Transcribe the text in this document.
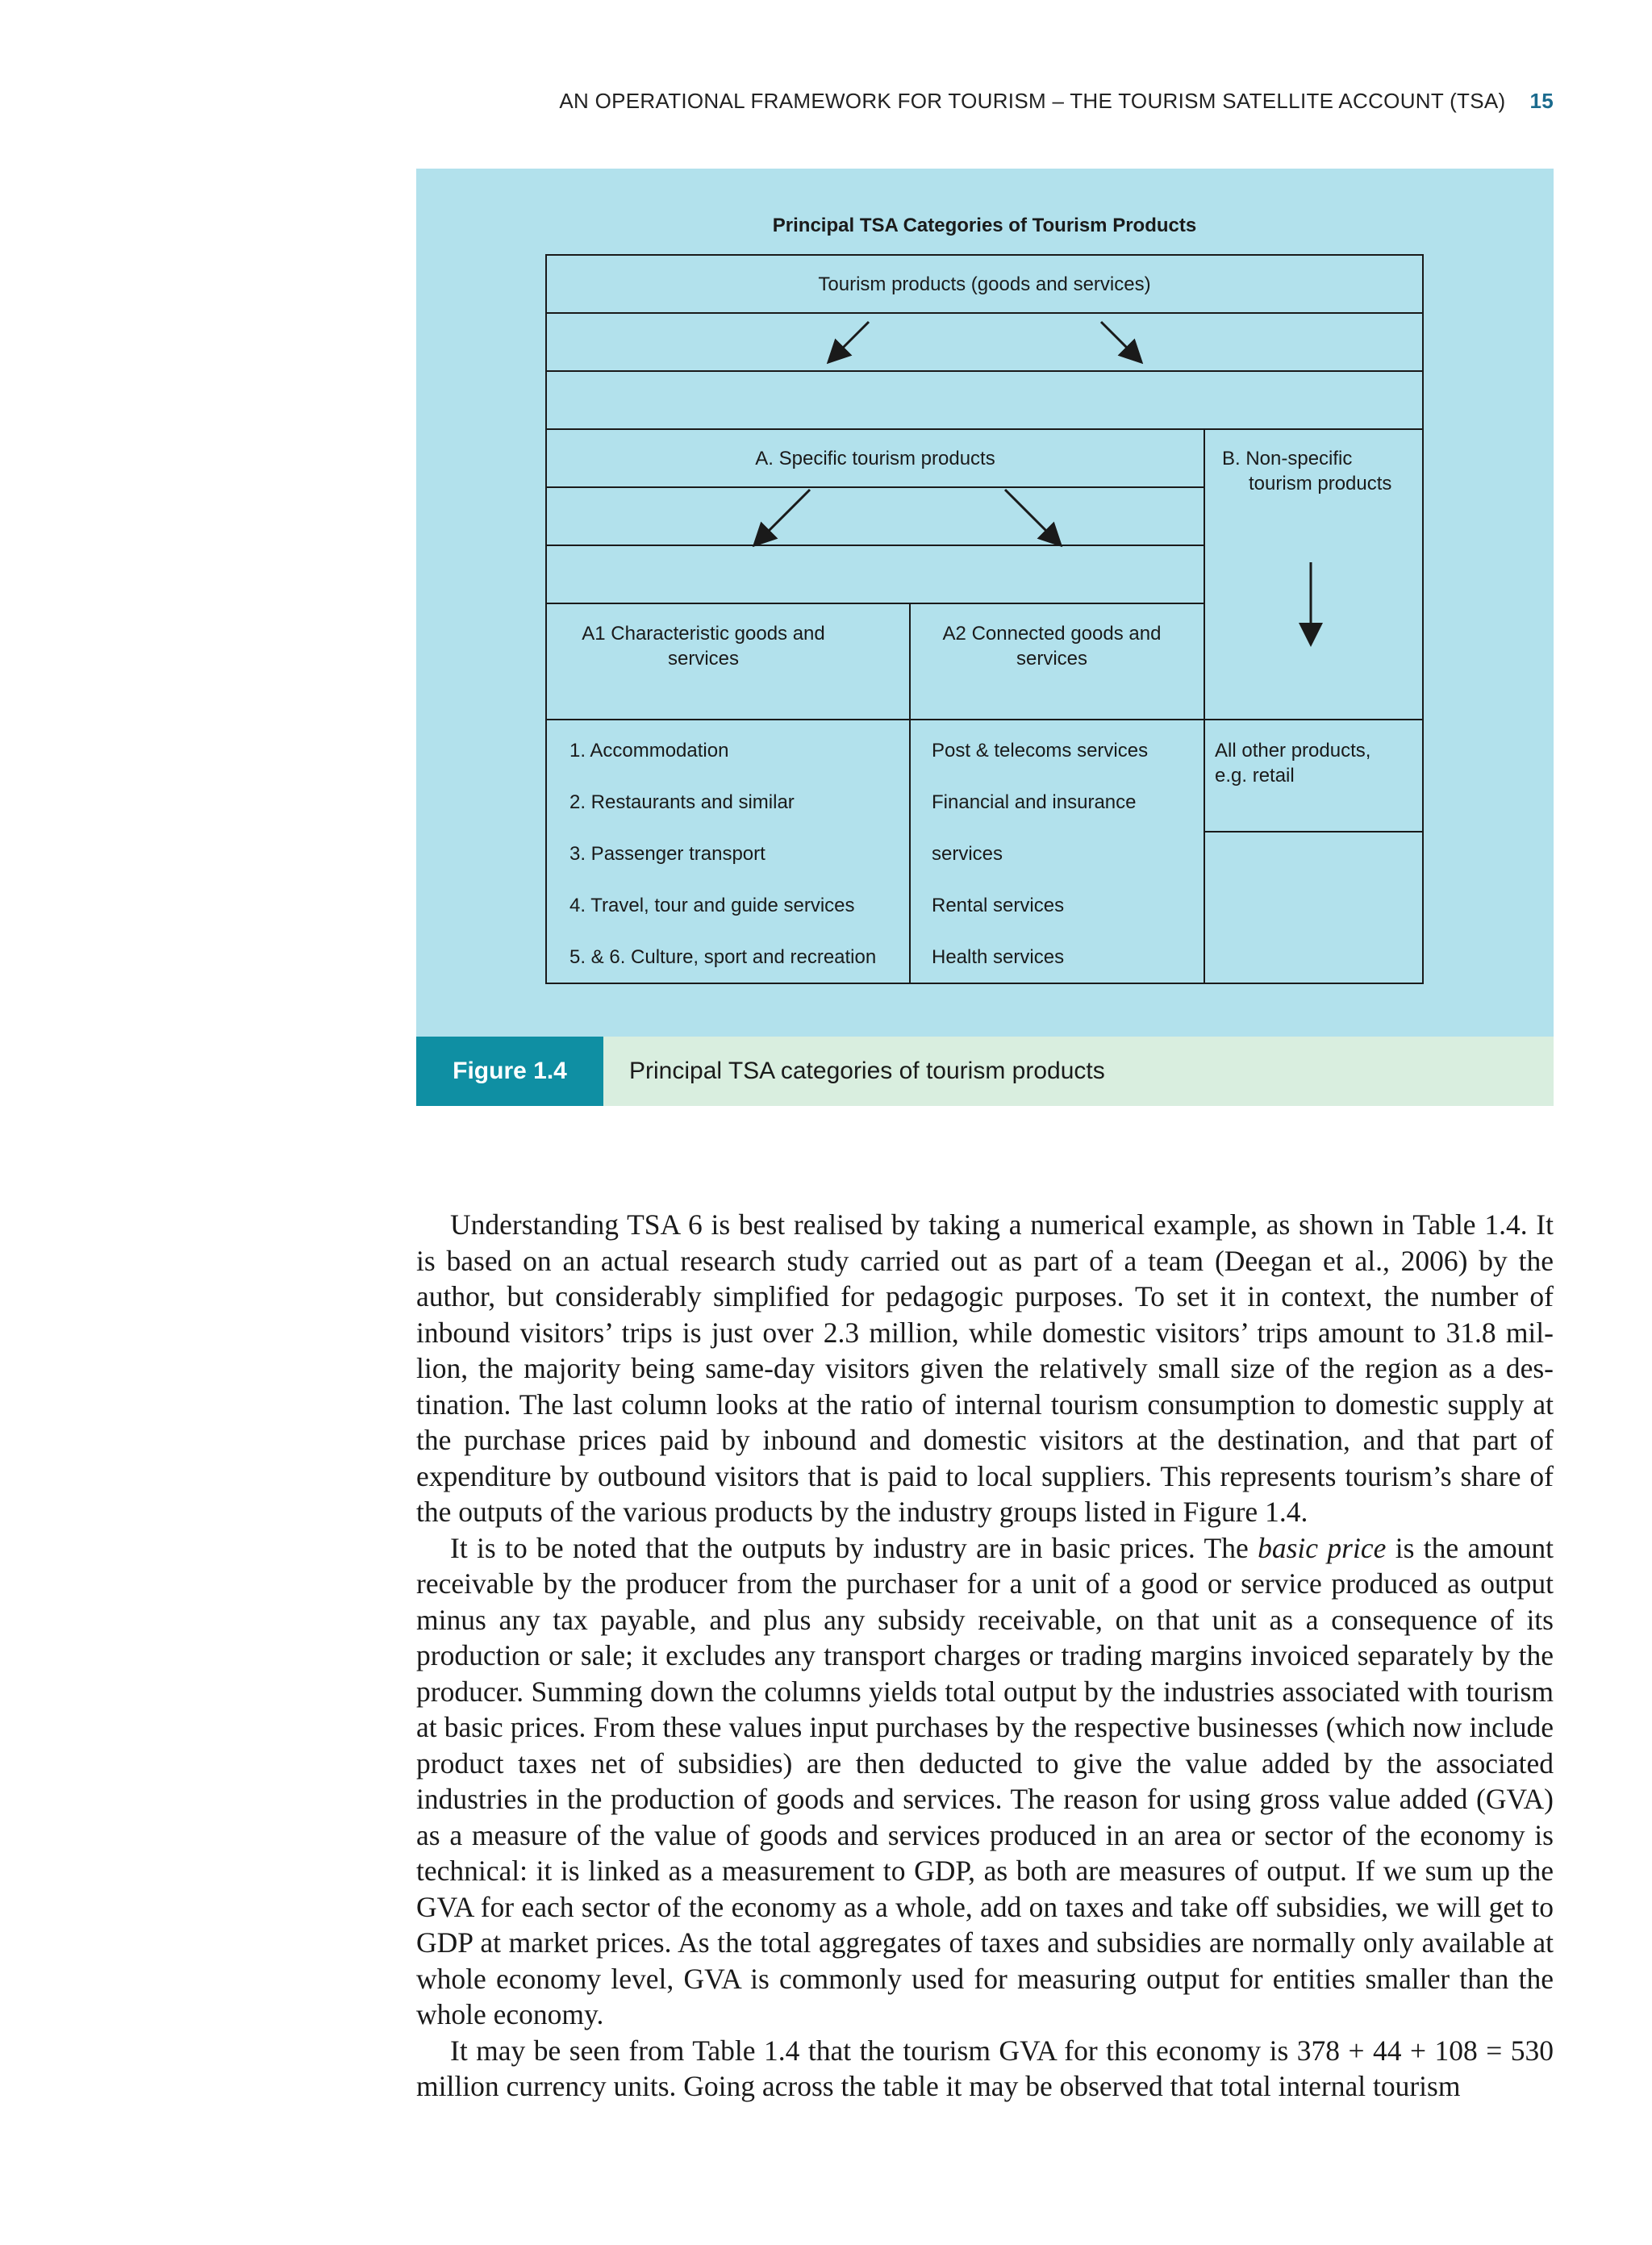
AN OPERATIONAL FRAMEWORK FOR TOURISM – THE TOURISM SATELLITE ACCOUNT (TSA) 15
Principal TSA Categories of Tourism Products
Tourism products (goods and services)
A. Specific tourism products	B. Non-specific
tourism products
A1 Characteristic goods and
services
A2 Connected goods and
services
1. Accommodation
2. Restaurants and similar
3. Passenger transport
4. Travel, tour and guide services
5. & 6. Culture, sport and recreation
Post & telecoms services
Financial and insurance
services
Rental services
Health services
All other products,
e.g. retail
Figure 1.4	Principal TSA categories of tourism products

Understanding TSA 6 is best realised by taking a numerical example, as shown in Table 1.4. It is based on an actual research study carried out as part of a team (Deegan et al., 2006) by the author, but considerably simplified for pedagogic purposes. To set it in context, the number of inbound visitors’ trips is just over 2.3 million, while domestic visitors’ trips amount to 31.8 million, the majority being same-day visitors given the relatively small size of the region as a destination. The last column looks at the ratio of internal tourism consumption to domestic supply at the purchase prices paid by inbound and domestic visitors at the destination, and that part of expenditure by outbound visitors that is paid to local suppliers. This represents tourism’s share of the outputs of the various products by the industry groups listed in Figure 1.4.

It is to be noted that the outputs by industry are in basic prices. The basic price is the amount receivable by the producer from the purchaser for a unit of a good or service produced as output minus any tax payable, and plus any subsidy receivable, on that unit as a consequence of its production or sale; it excludes any transport charges or trading margins invoiced separately by the producer. Summing down the columns yields total output by the industries associated with tourism at basic prices. From these values input purchases by the respective businesses (which now include product taxes net of subsidies) are then deducted to give the value added by the associated industries in the production of goods and services. The reason for using gross value added (GVA) as a measure of the value of goods and services produced in an area or sector of the economy is technical: it is linked as a measurement to GDP, as both are measures of output. If we sum up the GVA for each sector of the economy as a whole, add on taxes and take off subsidies, we will get to GDP at market prices. As the total aggregates of taxes and subsidies are normally only available at whole economy level, GVA is commonly used for measuring output for entities smaller than the whole economy.

It may be seen from Table 1.4 that the tourism GVA for this economy is 378 + 44 + 108 = 530 million currency units. Going across the table it may be observed that total internal tourism
